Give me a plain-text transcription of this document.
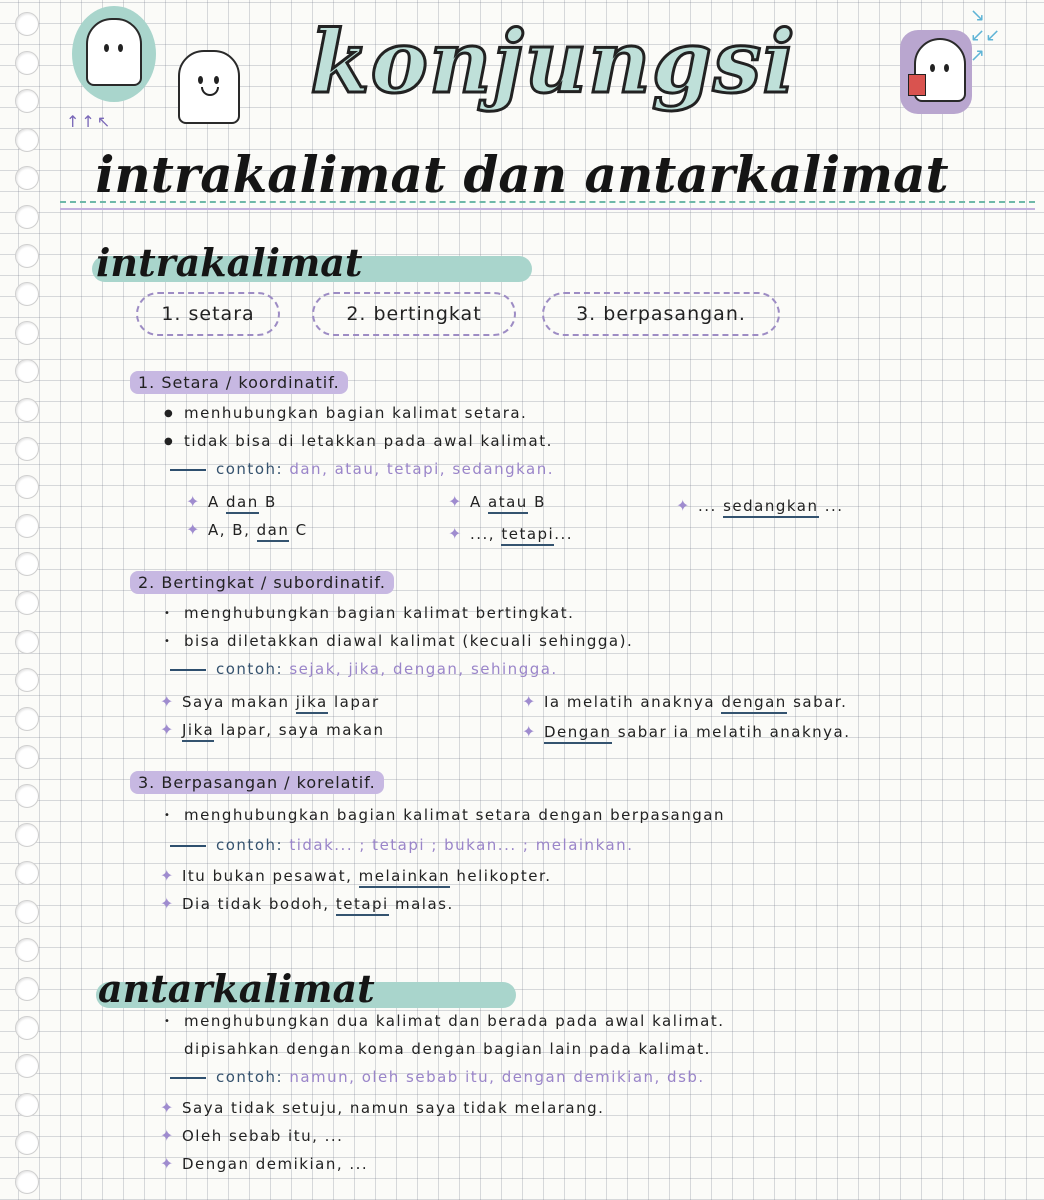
↑↑↖
↘
↙↙
↗
konjungsi
intrakalimat dan antarkalimat
intrakalimat
1. setara	2. bertingkat	3. berpasangan.
1. Setara / koordinatif.
● menhubungkan bagian kalimat setara.
● tidak bisa di letakkan pada awal kalimat.
contoh: dan, atau, tetapi, sedangkan.
✦ A dan B
✦ A, B, dan C
✦ A atau B
✦ ..., tetapi...
✦ ... sedangkan ...
2. Bertingkat / subordinatif.
• menghubungkan bagian kalimat bertingkat.
• bisa diletakkan diawal kalimat (kecuali sehingga).
contoh: sejak, jika, dengan, sehingga.
✦ Saya makan jika lapar
✦ Jika lapar, saya makan
✦ Ia melatih anaknya dengan sabar.
✦ Dengan sabar ia melatih anaknya.
3. Berpasangan / korelatif.
• menghubungkan bagian kalimat setara dengan berpasangan
contoh: tidak... ; tetapi ; bukan... ; melainkan.
✦ Itu bukan pesawat, melainkan helikopter.
✦ Dia tidak bodoh, tetapi malas.
antarkalimat
• menghubungkan dua kalimat dan berada pada awal kalimat.
dipisahkan dengan koma dengan bagian lain pada kalimat.
contoh: namun, oleh sebab itu, dengan demikian, dsb.
✦ Saya tidak setuju, namun saya tidak melarang.
✦ Oleh sebab itu, ...
✦ Dengan demikian, ...
